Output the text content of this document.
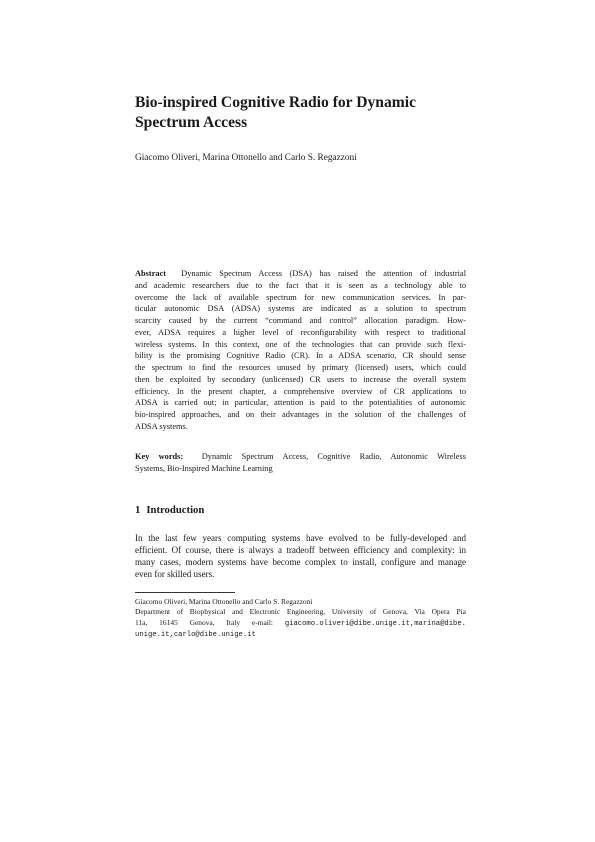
Bio-inspired Cognitive Radio for Dynamic
Spectrum Access

Giacomo Oliveri, Marina Ottonello and Carlo S. Regazzoni

Abstract Dynamic Spectrum Access (DSA) has raised the attention of industrial
and academic researchers due to the fact that it is seen as a technology able to
overcome the lack of available spectrum for new communication services. In par-
ticular autonomic DSA (ADSA) systems are indicated as a solution to spectrum
scarcity caused by the current “command and control” allocation paradigm. How-
ever, ADSA requires a higher level of reconfigurability with respect to traditional
wireless systems. In this context, one of the technologies that can provide such flexi-
bility is the promising Cognitive Radio (CR). In a ADSA scenario, CR should sense
the spectrum to find the resources unused by primary (licensed) users, which could
then be exploited by secondary (unlicensed) CR users to increase the overall system
efficiency. In the present chapter, a comprehensive overview of CR applications to
ADSA is carried out; in particular, attention is paid to the potentialities of autonomic
bio-inspired approaches, and on their advantages in the solution of the challenges of
ADSA systems.
Key words: Dynamic Spectrum Access, Cognitive Radio, Autonomic Wireless
Systems, Bio-Inspired Machine Learning
1 Introduction
In the last few years computing systems have evolved to be fully-developed and
efficient. Of course, there is always a tradeoff between efficiency and complexity: in
many cases, modern systems have become complex to install, configure and manage
even for skilled users.
Giacomo Oliveri, Marina Ottonello and Carlo S. Regazzoni
Department of Biophysical and Electronic Engineering, University of Genova, Via Opera Pia
11a, 16145 Genova, Italy e-mail: giacomo.oliveri@dibe.unige.it,marina@dibe.
unige.it,carlo@dibe.unige.it
